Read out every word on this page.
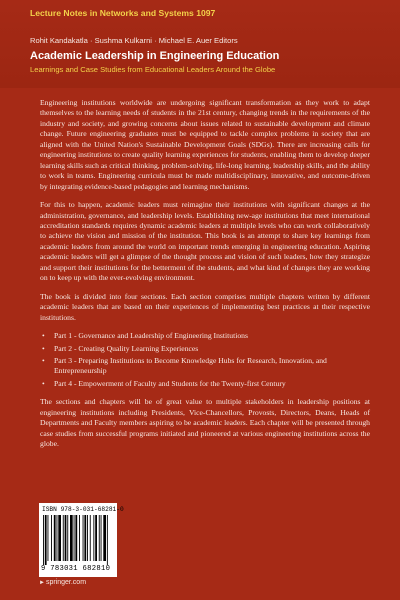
Lecture Notes in Networks and Systems 1097
Rohit Kandakatla · Sushma Kulkarni · Michael E. Auer Editors
Academic Leadership in Engineering Education
Learnings and Case Studies from Educational Leaders Around the Globe

Engineering institutions worldwide are undergoing significant transformation as they work to adapt themselves to the learning needs of students in the 21st century, changing trends in the requirements of the industry and society, and growing concerns about issues related to sustainable development and climate change. Future engineering graduates must be equipped to tackle complex problems in society that are aligned with the United Nation's Sustainable Development Goals (SDGs). There are increasing calls for engineering institutions to create quality learning experiences for students, enabling them to develop deeper learning skills such as critical thinking, problem-solving, life-long learning, leadership skills, and the ability to work in teams. Engineering curricula must be made multidisciplinary, innovative, and outcome-driven by integrating evidence-based pedagogies and learning mechanisms.

For this to happen, academic leaders must reimagine their institutions with significant changes at the administration, governance, and leadership levels. Establishing new-age institutions that meet international accreditation standards requires dynamic academic leaders at multiple levels who can work collaboratively to achieve the vision and mission of the institution. This book is an attempt to share key learnings from academic leaders from around the world on important trends emerging in engineering education. Aspiring academic leaders will get a glimpse of the thought process and vision of such leaders, how they strategize and support their institutions for the betterment of the students, and what kind of changes they are working on to keep up with the ever-evolving environment.

The book is divided into four sections. Each section comprises multiple chapters written by different academic leaders that are based on their experiences of implementing best practices at their respective institutions.

• Part 1 - Governance and Leadership of Engineering Institutions
• Part 2 - Creating Quality Learning Experiences
• Part 3 - Preparing Institutions to Become Knowledge Hubs for Research, Innovation, and Entrepreneurship
• Part 4 - Empowerment of Faculty and Students for the Twenty-first Century

The sections and chapters will be of great value to multiple stakeholders in leadership positions at engineering institutions including Presidents, Vice-Chancellors, Provosts, Directors, Deans, Heads of Departments and Faculty members aspiring to be academic leaders. Each chapter will be presented through case studies from successful programs initiated and pioneered at various engineering institutions across the globe.

ISBN 978-3-031-68281-0
9 783031 682810
►springer.com
